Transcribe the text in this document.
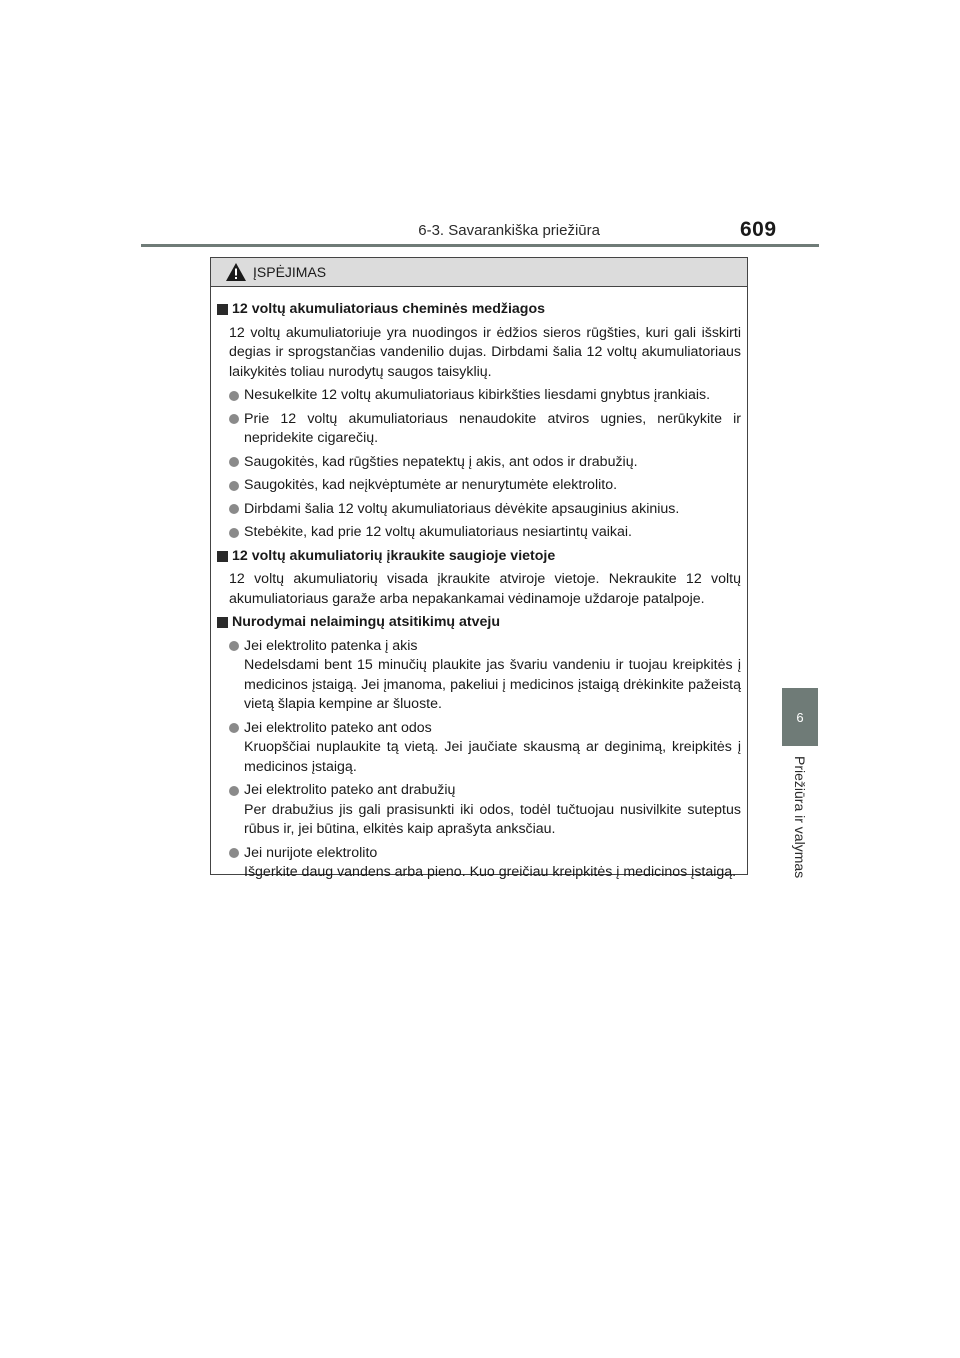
6-3. Savarankiška priežiūra	609
6
Priežiūra ir valymas
ĮSPĖJIMAS
12 voltų akumuliatoriaus cheminės medžiagos
12 voltų akumuliatoriuje yra nuodingos ir ėdžios sieros rūgšties, kuri gali išskirti degias ir sprogstančias vandenilio dujas. Dirbdami šalia 12 voltų akumuliatoriaus laikykitės toliau nurodytų saugos taisyklių.
Nesukelkite 12 voltų akumuliatoriaus kibirkšties liesdami gnybtus įrankiais.
Prie 12 voltų akumuliatoriaus nenaudokite atviros ugnies, nerūkykite ir nepridekite cigarečių.
Saugokitės, kad rūgšties nepatektų į akis, ant odos ir drabužių.
Saugokitės, kad neįkvėptumėte ar nenurytumėte elektrolito.
Dirbdami šalia 12 voltų akumuliatoriaus dėvėkite apsauginius akinius.
Stebėkite, kad prie 12 voltų akumuliatoriaus nesiartintų vaikai.
12 voltų akumuliatorių įkraukite saugioje vietoje
12 voltų akumuliatorių visada įkraukite atviroje vietoje. Nekraukite 12 voltų akumuliatoriaus garaže arba nepakankamai vėdinamoje uždaroje patalpoje.
Nurodymai nelaimingų atsitikimų atveju
Jei elektrolito patenka į akis
Nedelsdami bent 15 minučių plaukite jas švariu vandeniu ir tuojau kreipkitės į medicinos įstaigą. Jei įmanoma, pakeliui į medicinos įstaigą drėkinkite pažeistą vietą šlapia kempine ar šluoste.
Jei elektrolito pateko ant odos
Kruopščiai nuplaukite tą vietą. Jei jaučiate skausmą ar deginimą, kreipkitės į medicinos įstaigą.
Jei elektrolito pateko ant drabužių
Per drabužius jis gali prasisunkti iki odos, todėl tučtuojau nusivilkite suteptus rūbus ir, jei būtina, elkitės kaip aprašyta anksčiau.
Jei nurijote elektrolito
Išgerkite daug vandens arba pieno. Kuo greičiau kreipkitės į medicinos įstaigą.
